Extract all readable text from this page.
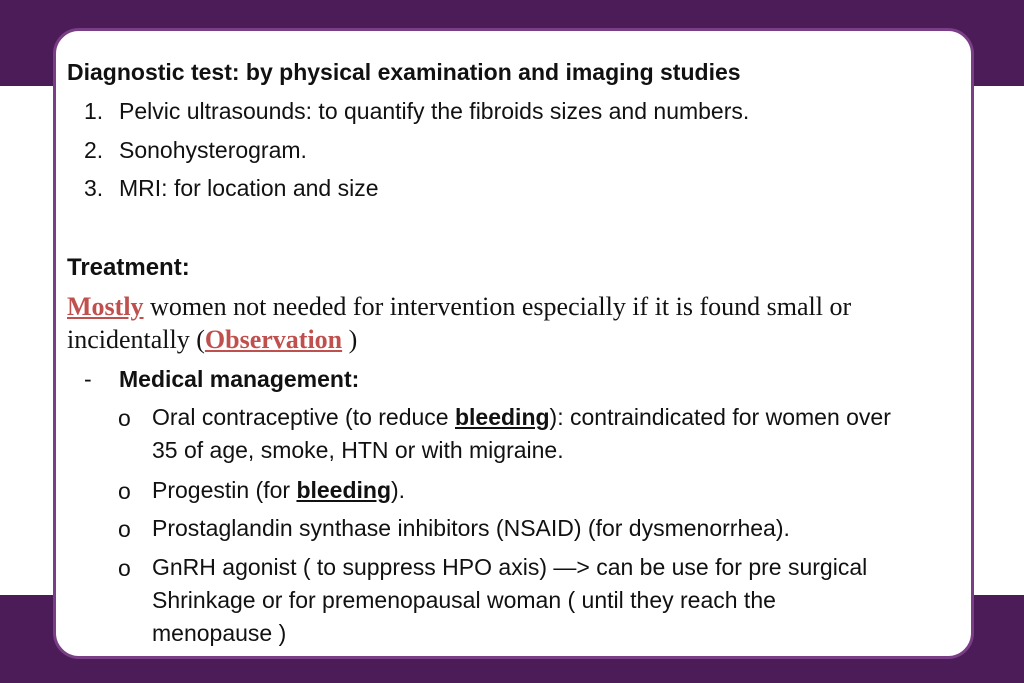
Diagnostic test: by physical examination and imaging studies
1. Pelvic ultrasounds: to quantify the fibroids sizes and numbers.
2. Sonohysterogram.
3. MRI: for location and size
Treatment:
Mostly women not needed for intervention especially if it is found small or
incidentally (Observation )
- Medical management:
o Oral contraceptive (to reduce bleeding): contraindicated for women over
35 of age, smoke, HTN or with migraine.
o Progestin (for bleeding).
o Prostaglandin synthase inhibitors (NSAID) (for dysmenorrhea).
o GnRH agonist ( to suppress HPO axis) —> can be use for pre surgical
Shrinkage or for premenopausal woman ( until they reach the
menopause )
